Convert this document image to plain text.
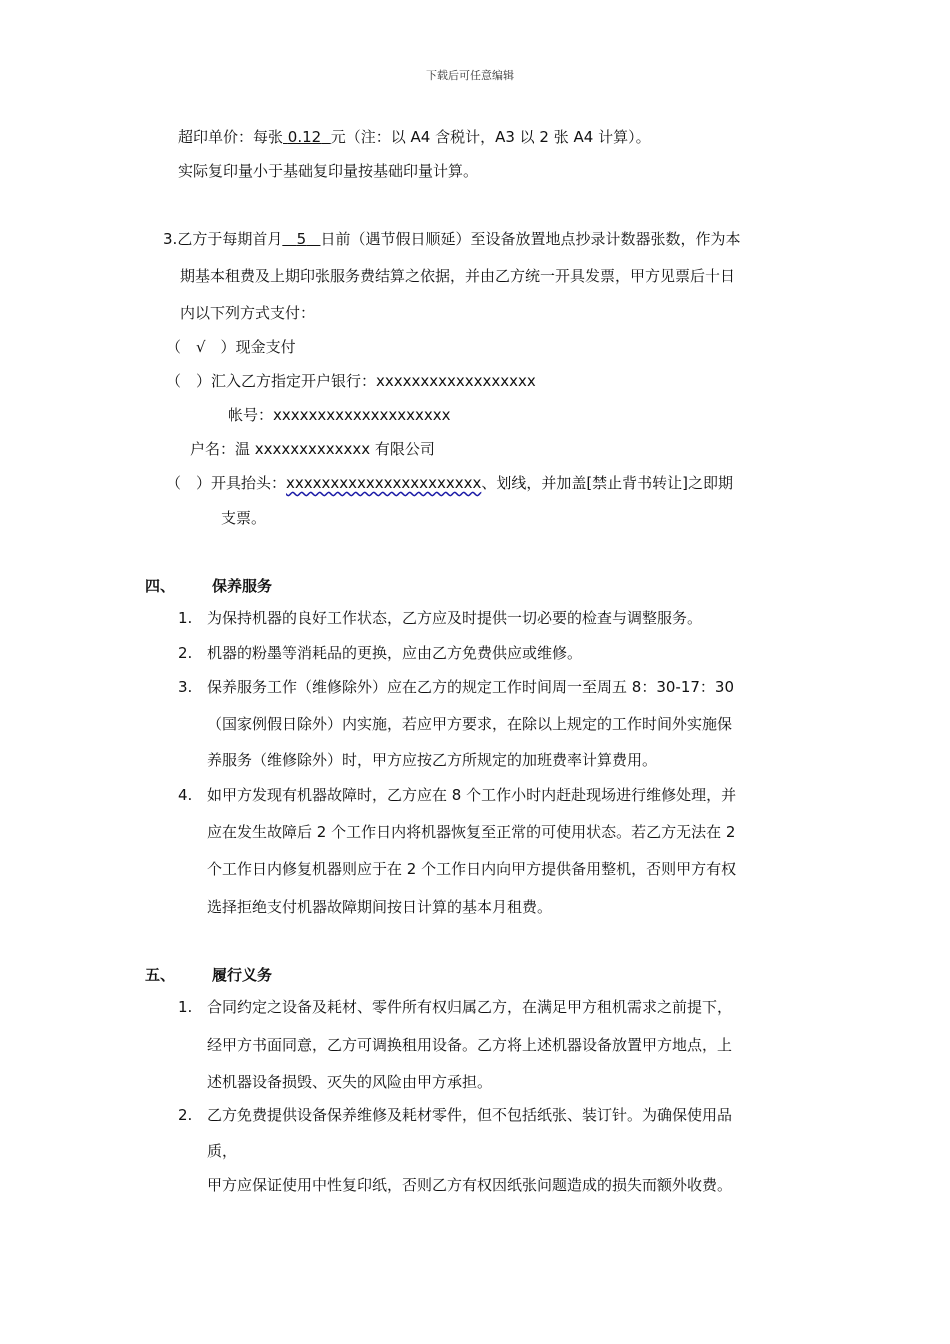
下载后可任意编辑
超印单价：每张 0.12 元（注：以 A4 含税计，A3 以 2 张 A4 计算）。
实际复印量小于基础复印量按基础印量计算。
3.乙方于每期首月 5 日前（遇节假日顺延）至设备放置地点抄录计数器张数，作为本
期基本租费及上期印张服务费结算之依据，并由乙方统一开具发票，甲方见票后十日
内以下列方式支付：
（　√　）现金支付
（　）汇入乙方指定开户银行：xxxxxxxxxxxxxxxxxx
帐号：xxxxxxxxxxxxxxxxxxxx
户名：温 xxxxxxxxxxxxx 有限公司
（　）开具抬头：xxxxxxxxxxxxxxxxxxxxxx、划线，并加盖[禁止背书转让]之即期
支票。
四、 保养服务
1. 为保持机器的良好工作状态，乙方应及时提供一切必要的检查与调整服务。
2. 机器的粉墨等消耗品的更换，应由乙方免费供应或维修。
3. 保养服务工作（维修除外）应在乙方的规定工作时间周一至周五 8：30-17：30
（国家例假日除外）内实施，若应甲方要求，在除以上规定的工作时间外实施保
养服务（维修除外）时，甲方应按乙方所规定的加班费率计算费用。
4. 如甲方发现有机器故障时，乙方应在 8 个工作小时内赶赴现场进行维修处理，并
应在发生故障后 2 个工作日内将机器恢复至正常的可使用状态。若乙方无法在 2
个工作日内修复机器则应于在 2 个工作日内向甲方提供备用整机，否则甲方有权
选择拒绝支付机器故障期间按日计算的基本月租费。
五、 履行义务
1. 合同约定之设备及耗材、零件所有权归属乙方，在满足甲方租机需求之前提下，
经甲方书面同意，乙方可调换租用设备。乙方将上述机器设备放置甲方地点，上
述机器设备损毁、灭失的风险由甲方承担。
2. 乙方免费提供设备保养维修及耗材零件，但不包括纸张、装订针。为确保使用品
质，
甲方应保证使用中性复印纸，否则乙方有权因纸张问题造成的损失而额外收费。
